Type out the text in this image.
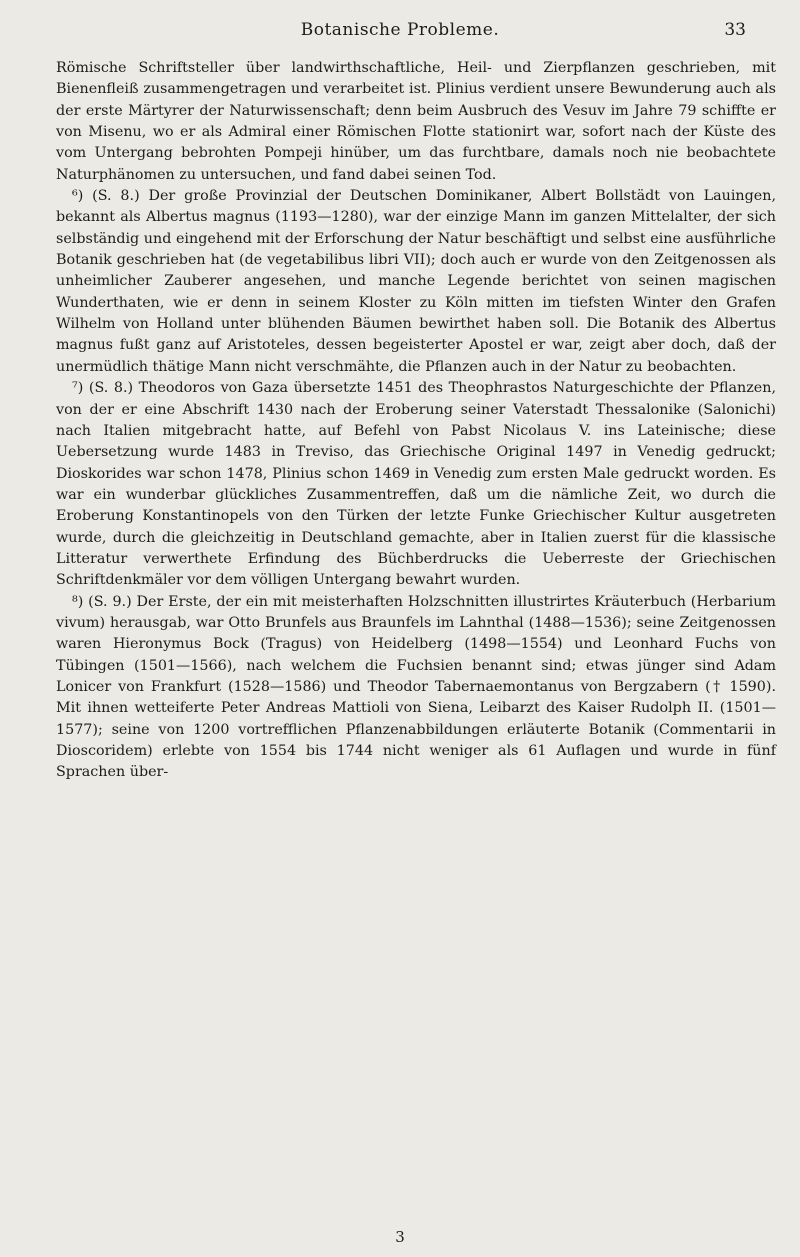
Botanische Probleme.	33

Römische Schriftsteller über landwirthschaftliche, Heil- und Zierpflanzen geschrieben, mit Bienenfleiß zusammengetragen und verarbeitet ist. Plinius verdient unsere Bewunderung auch als der erste Märtyrer der Naturwissenschaft; denn beim Ausbruch des Vesuv im Jahre 79 schiffte er von Misenu, wo er als Admiral einer Römischen Flotte stationirt war, sofort nach der Küste des vom Untergang bebrohten Pompeji hinüber, um das furchtbare, damals noch nie beobachtete Naturphänomen zu untersuchen, und fand dabei seinen Tod.

⁶) (S. 8.) Der große Provinzial der Deutschen Dominikaner, Albert Bollstädt von Lauingen, bekannt als Albertus magnus (1193—1280), war der einzige Mann im ganzen Mittelalter, der sich selbständig und eingehend mit der Erforschung der Natur beschäftigt und selbst eine ausführliche Botanik geschrieben hat (de vegetabilibus libri VII); doch auch er wurde von den Zeitgenossen als unheimlicher Zauberer angesehen, und manche Legende berichtet von seinen magischen Wunderthaten, wie er denn in seinem Kloster zu Köln mitten im tiefsten Winter den Grafen Wilhelm von Holland unter blühenden Bäumen bewirthet haben soll. Die Botanik des Albertus magnus fußt ganz auf Aristoteles, dessen begeisterter Apostel er war, zeigt aber doch, daß der unermüdlich thätige Mann nicht verschmähte, die Pflanzen auch in der Natur zu beobachten.

⁷) (S. 8.) Theodoros von Gaza übersetzte 1451 des Theophrastos Naturgeschichte der Pflanzen, von der er eine Abschrift 1430 nach der Eroberung seiner Vaterstadt Thessalonike (Salonichi) nach Italien mitgebracht hatte, auf Befehl von Pabst Nicolaus V. ins Lateinische; diese Uebersetzung wurde 1483 in Treviso, das Griechische Original 1497 in Venedig gedruckt; Dioskorides war schon 1478, Plinius schon 1469 in Venedig zum ersten Male gedruckt worden. Es war ein wunderbar glückliches Zusammentreffen, daß um die nämliche Zeit, wo durch die Eroberung Konstantinopels von den Türken der letzte Funke Griechischer Kultur ausgetreten wurde, durch die gleichzeitig in Deutschland gemachte, aber in Italien zuerst für die klassische Litteratur verwerthete Erfindung des Büchberdrucks die Ueberreste der Griechischen Schriftdenkmäler vor dem völligen Untergang bewahrt wurden.

⁸) (S. 9.) Der Erste, der ein mit meisterhaften Holzschnitten illustrirtes Kräuterbuch (Herbarium vivum) herausgab, war Otto Brunfels aus Braunfels im Lahnthal (1488—1536); seine Zeitgenossen waren Hieronymus Bock (Tragus) von Heidelberg (1498—1554) und Leonhard Fuchs von Tübingen (1501—1566), nach welchem die Fuchsien benannt sind; etwas jünger sind Adam Lonicer von Frankfurt (1528—1586) und Theodor Tabernaemontanus von Bergzabern († 1590). Mit ihnen wetteiferte Peter Andreas Mattioli von Siena, Leibarzt des Kaiser Rudolph II. (1501—1577); seine von 1200 vortrefflichen Pflanzenabbildungen erläuterte Botanik (Commentarii in Dioscoridem) erlebte von 1554 bis 1744 nicht weniger als 61 Auflagen und wurde in fünf Sprachen über-

3
